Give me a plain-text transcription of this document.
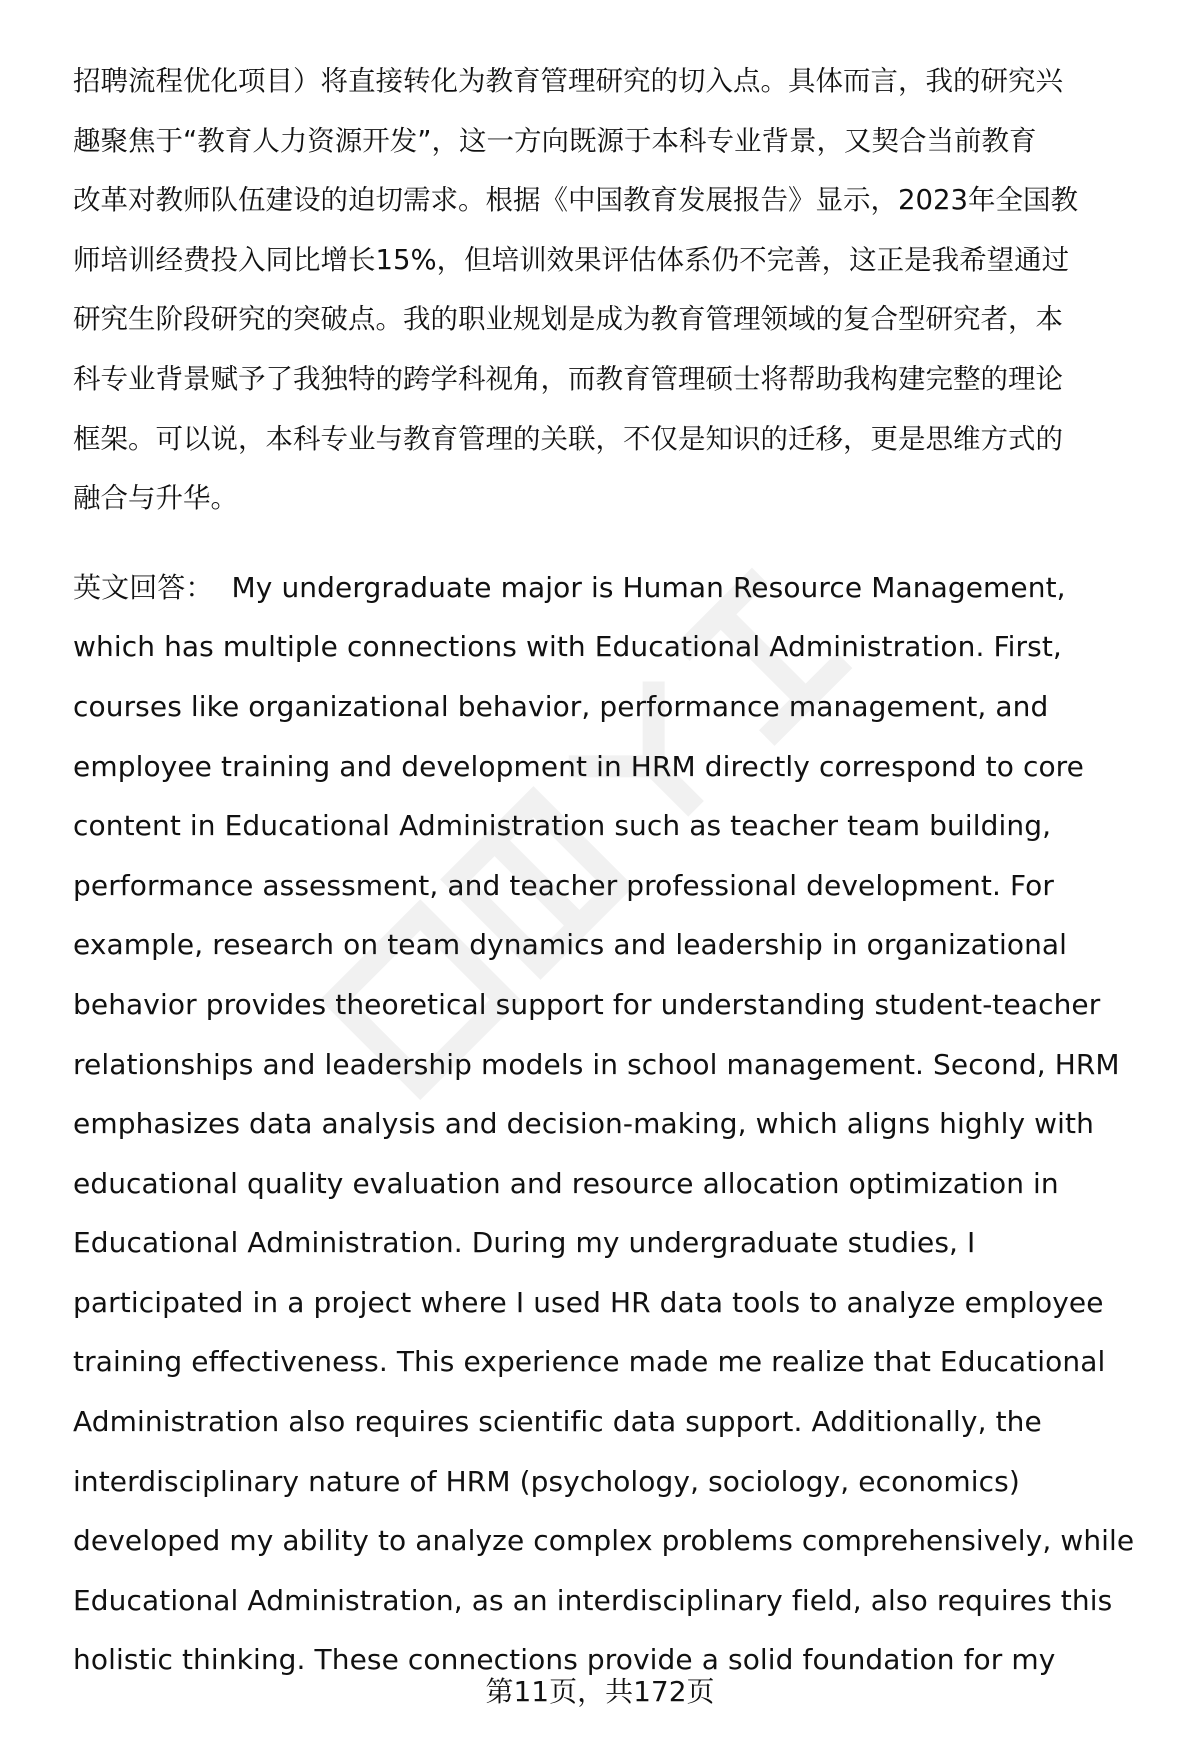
招聘流程优化项目）将直接转化为教育管理研究的切入点。具体而言，我的研究兴
趣聚焦于“教育人力资源开发”，这一方向既源于本科专业背景，又契合当前教育
改革对教师队伍建设的迫切需求。根据《中国教育发展报告》显示，2023年全国教
师培训经费投入同比增长15%，但培训效果评估体系仍不完善，这正是我希望通过
研究生阶段研究的突破点。我的职业规划是成为教育管理领域的复合型研究者，本
科专业背景赋予了我独特的跨学科视角，而教育管理硕士将帮助我构建完整的理论
框架。可以说，本科专业与教育管理的关联，不仅是知识的迁移，更是思维方式的
融合与升华。
英文回答： My undergraduate major is Human Resource Management,
which has multiple connections with Educational Administration. First,
courses like organizational behavior, performance management, and
employee training and development in HRM directly correspond to core
content in Educational Administration such as teacher team building,
performance assessment, and teacher professional development. For
example, research on team dynamics and leadership in organizational
behavior provides theoretical support for understanding student-teacher
relationships and leadership models in school management. Second, HRM
emphasizes data analysis and decision-making, which aligns highly with
educational quality evaluation and resource allocation optimization in
Educational Administration. During my undergraduate studies, I
participated in a project where I used HR data tools to analyze employee
training effectiveness. This experience made me realize that Educational
Administration also requires scientific data support. Additionally, the
interdisciplinary nature of HRM (psychology, sociology, economics)
developed my ability to analyze complex problems comprehensively, while
Educational Administration, as an interdisciplinary field, also requires this
holistic thinking. These connections provide a solid foundation for my
第11页，共172页
